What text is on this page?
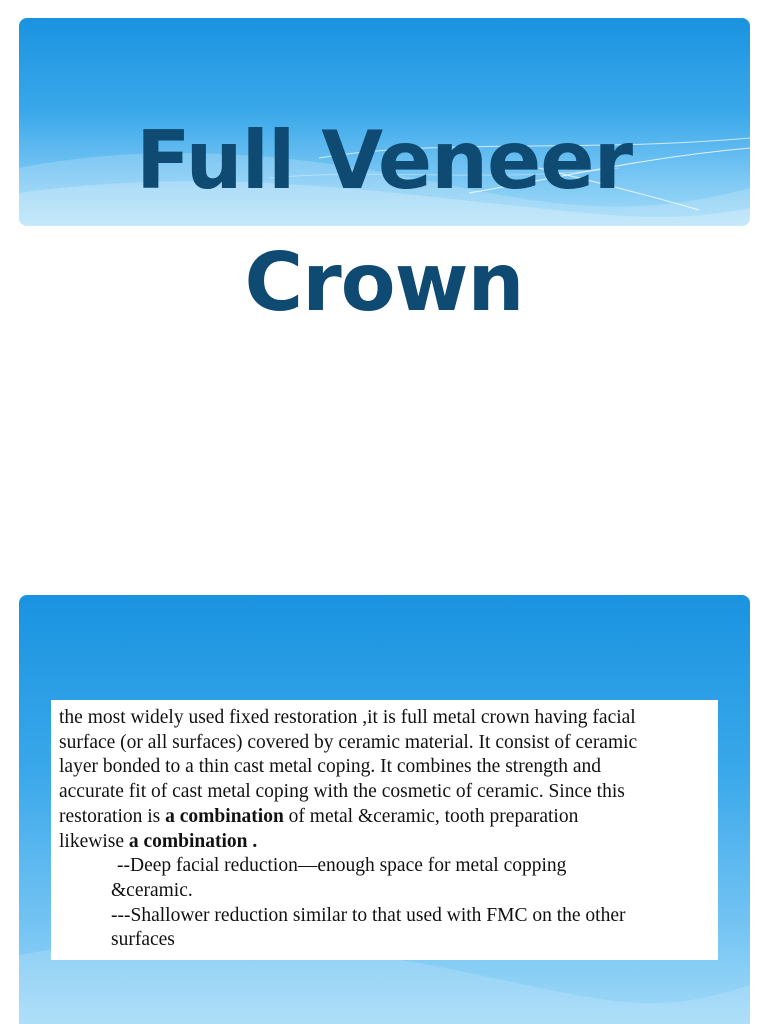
Full Veneer
Crown

the most widely used fixed restoration ,it is full metal crown having facial

surface (or all surfaces) covered by ceramic material. It consist of ceramic

layer bonded to a thin cast metal coping. It combines the strength and

accurate fit of cast metal coping with the cosmetic of ceramic. Since this

restoration is a combination of metal &ceramic, tooth preparation

likewise a combination .

--Deep facial reduction—enough space for metal copping

&ceramic.

---Shallower reduction similar to that used with FMC on the other

surfaces
